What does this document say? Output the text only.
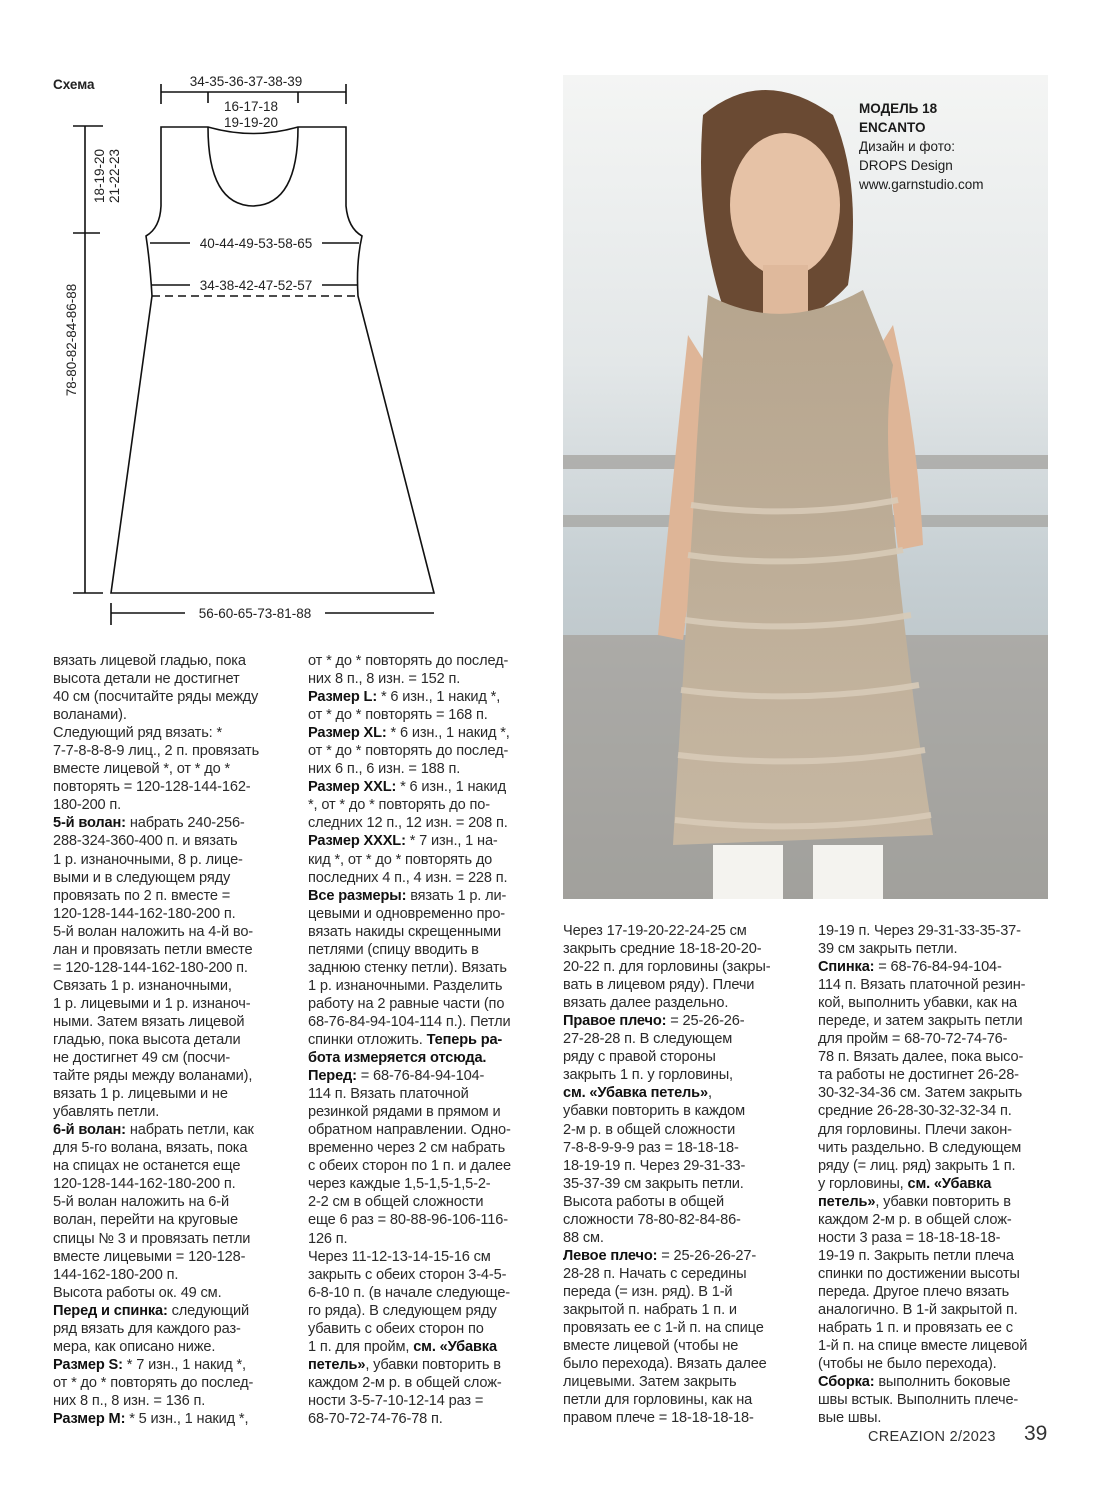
Схема	34-35-36-37-38-39
16-17-18
19-19-20
18-19-20 21-22-23
78-80-82-84-86-88
40-44-49-53-58-65
34-38-42-47-52-57
56-60-65-73-81-88
МОДЕЛЬ 18
ENCANTO
Дизайн и фото:
DROPS Design
www.garnstudio.com
вязать лицевой гладью, пока
высота детали не достигнет
40 см (посчитайте ряды между
воланами).
Следующий ряд вязать: *
7-7-8-8-8-9 лиц., 2 п. провязать
вместе лицевой *, от * до *
повторять = 120-128-144-162-
180-200 п.
5-й волан: набрать 240-256-
288-324-360-400 п. и вязать
1 р. изнаночными, 8 р. лице-
выми и в следующем ряду
провязать по 2 п. вместе =
120-128-144-162-180-200 п.
5-й волан наложить на 4-й во-
лан и провязать петли вместе
= 120-128-144-162-180-200 п.
Связать 1 р. изнаночными,
1 р. лицевыми и 1 р. изнаноч-
ными. Затем вязать лицевой
гладью, пока высота детали
не достигнет 49 см (посчи-
тайте ряды между воланами),
вязать 1 р. лицевыми и не
убавлять петли.
6-й волан: набрать петли, как
для 5-го волана, вязать, пока
на спицах не останется еще
120-128-144-162-180-200 п.
5-й волан наложить на 6-й
волан, перейти на круговые
спицы № 3 и провязать петли
вместе лицевыми = 120-128-
144-162-180-200 п.
Высота работы ок. 49 см.
Перед и спинка: следующий
ряд вязать для каждого раз-
мера, как описано ниже.
Размер S: * 7 изн., 1 накид *,
от * до * повторять до послед-
них 8 п., 8 изн. = 136 п.
Размер M: * 5 изн., 1 накид *,
от * до * повторять до послед-
них 8 п., 8 изн. = 152 п.
Размер L: * 6 изн., 1 накид *,
от * до * повторять = 168 п.
Размер XL: * 6 изн., 1 накид *,
от * до * повторять до послед-
них 6 п., 6 изн. = 188 п.
Размер XXL: * 6 изн., 1 накид
*, от * до * повторять до по-
следних 12 п., 12 изн. = 208 п.
Размер XXXL: * 7 изн., 1 на-
кид *, от * до * повторять до
последних 4 п., 4 изн. = 228 п.
Все размеры: вязать 1 р. ли-
цевыми и одновременно про-
вязать накиды скрещенными
петлями (спицу вводить в
заднюю стенку петли). Вязать
1 р. изнаночными. Разделить
работу на 2 равные части (по
68-76-84-94-104-114 п.). Петли
спинки отложить. Теперь ра-
бота измеряется отсюда.
Перед: = 68-76-84-94-104-
114 п. Вязать платочной
резинкой рядами в прямом и
обратном направлении. Одно-
временно через 2 см набрать
с обеих сторон по 1 п. и далее
через каждые 1,5-1,5-1,5-2-
2-2 см в общей сложности
еще 6 раз = 80-88-96-106-116-
126 п.
Через 11-12-13-14-15-16 см
закрыть с обеих сторон 3-4-5-
6-8-10 п. (в начале следующе-
го ряда). В следующем ряду
убавить с обеих сторон по
1 п. для пройм, см. «Убавка
петель», убавки повторить в
каждом 2-м р. в общей слож-
ности 3-5-7-10-12-14 раз =
68-70-72-74-76-78 п.
Через 17-19-20-22-24-25 см
закрыть средние 18-18-20-20-
20-22 п. для горловины (закры-
вать в лицевом ряду). Плечи
вязать далее раздельно.
Правое плечо: = 25-26-26-
27-28-28 п. В следующем
ряду с правой стороны
закрыть 1 п. у горловины,
см. «Убавка петель»,
убавки повторить в каждом
2-м р. в общей сложности
7-8-8-9-9-9 раз = 18-18-18-
18-19-19 п. Через 29-31-33-
35-37-39 см закрыть петли.
Высота работы в общей
сложности 78-80-82-84-86-
88 см.
Левое плечо: = 25-26-26-27-
28-28 п. Начать с середины
переда (= изн. ряд). В 1-й
закрытой п. набрать 1 п. и
провязать ее с 1-й п. на спице
вместе лицевой (чтобы не
было перехода). Вязать далее
лицевыми. Затем закрыть
петли для горловины, как на
правом плече = 18-18-18-18-
19-19 п. Через 29-31-33-35-37-
39 см закрыть петли.
Спинка: = 68-76-84-94-104-
114 п. Вязать платочной резин-
кой, выполнить убавки, как на
переде, и затем закрыть петли
для пройм = 68-70-72-74-76-
78 п. Вязать далее, пока высо-
та работы не достигнет 26-28-
30-32-34-36 см. Затем закрыть
средние 26-28-30-32-32-34 п.
для горловины. Плечи закон-
чить раздельно. В следующем
ряду (= лиц. ряд) закрыть 1 п.
у горловины, см. «Убавка
петель», убавки повторить в
каждом 2-м р. в общей слож-
ности 3 раза = 18-18-18-18-
19-19 п. Закрыть петли плеча
спинки по достижении высоты
переда. Другое плечо вязать
аналогично. В 1-й закрытой п.
набрать 1 п. и провязать ее с
1-й п. на спице вместе лицевой
(чтобы не было перехода).
Сборка: выполнить боковые
швы встык. Выполнить плече-
вые швы.
CREAZION 2/2023 39
